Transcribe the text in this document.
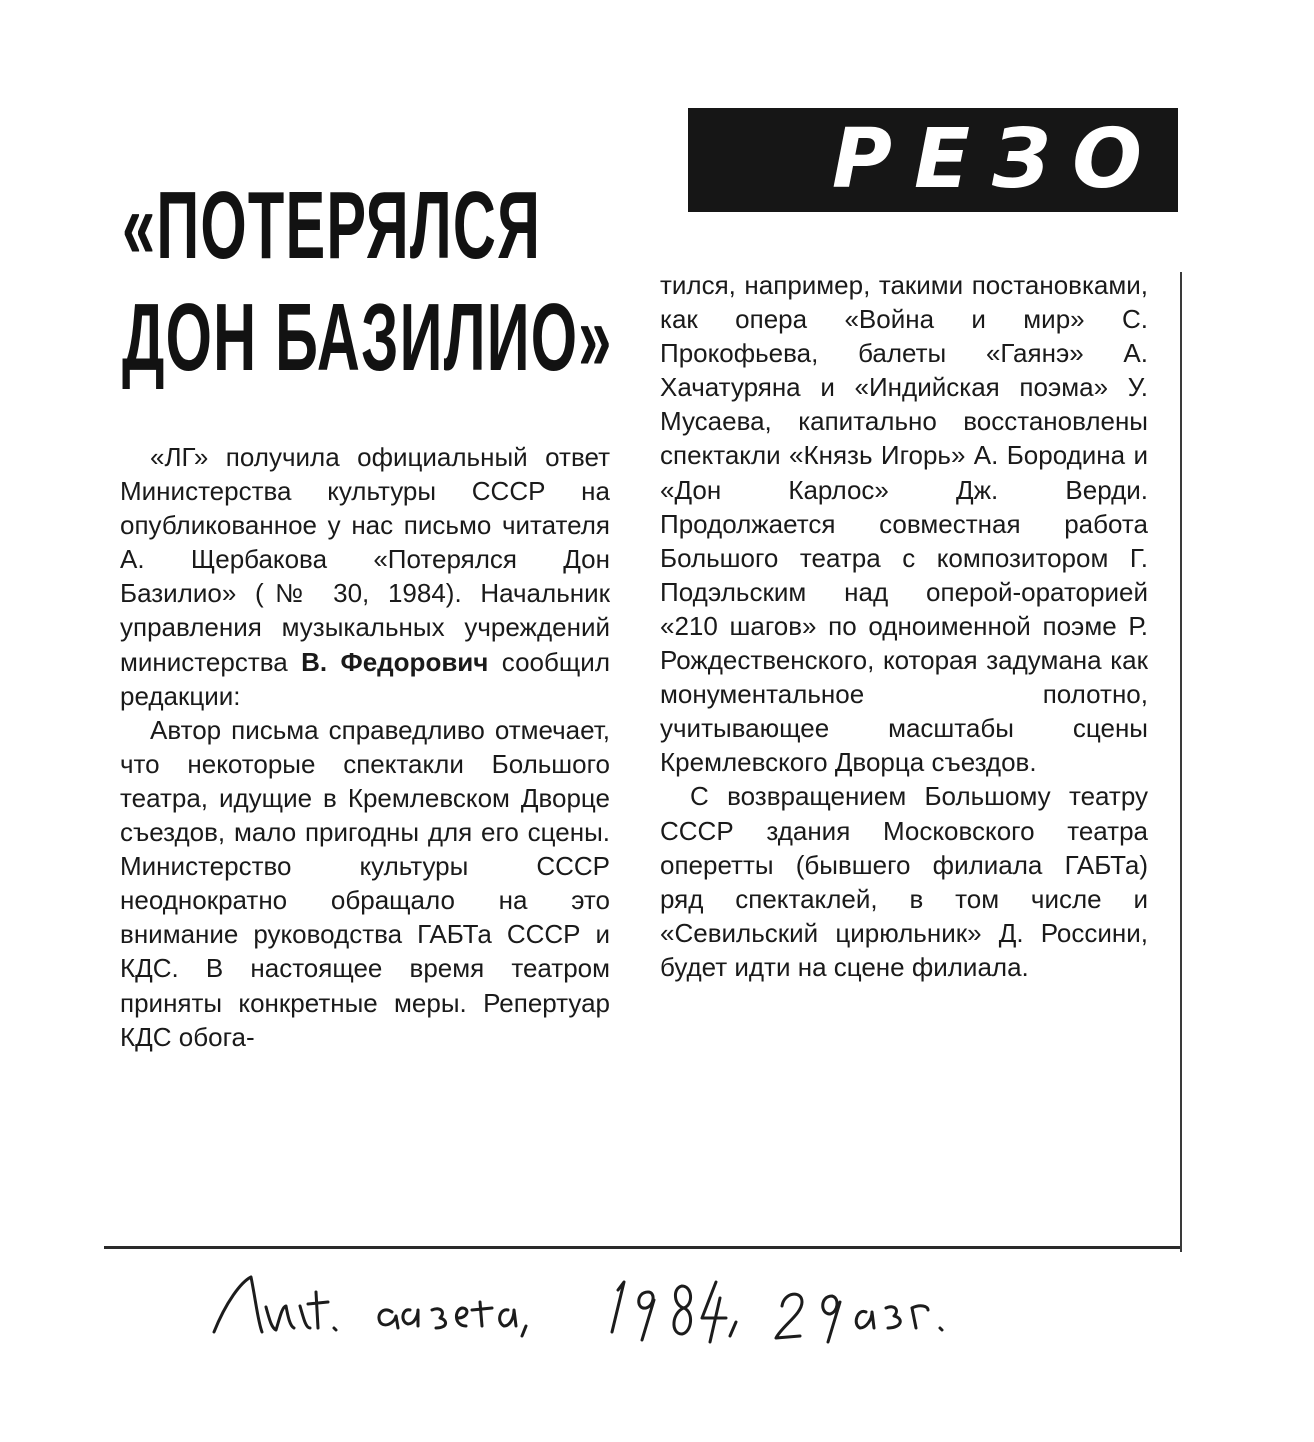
РЕЗО
«ПОТЕРЯЛСЯ
ДОН БАЗИЛИО»

«ЛГ» получила официальный ответ Министерства культуры СССР на опубликованное у нас письмо читателя А. Щербакова «Потерялся Дон Базилио» (№ 30, 1984). Начальник управления музыкальных учреждений министерства В. Федорович сообщил редакции:

Автор письма справедливо отмечает, что некоторые спектакли Большого театра, идущие в Кремлевском Дворце съездов, мало пригодны для его сцены. Министерство культуры СССР неоднократно обращало на это внимание руководства ГАБТа СССР и КДС. В настоящее время театром приняты конкретные меры. Репертуар КДС обога-

тился, например, такими постановками, как опера «Война и мир» С. Прокофьева, балеты «Гаянэ» А. Хачатуряна и «Индийская поэма» У. Мусаева, капитально восстановлены спектакли «Князь Игорь» А. Бородина и «Дон Карлос» Дж. Верди. Продолжается совместная работа Большого театра с композитором Г. Подэльским над оперой-ораторией «210 шагов» по одноименной поэме Р. Рождественского, которая задумана как монументальное полотно, учитывающее масштабы сцены Кремлевского Дворца съездов.

С возвращением Большому театру СССР здания Московского театра оперетты (бывшего филиала ГАБТа) ряд спектаклей, в том числе и «Севильский цирюльник» Д. Россини, будет идти на сцене филиала.
